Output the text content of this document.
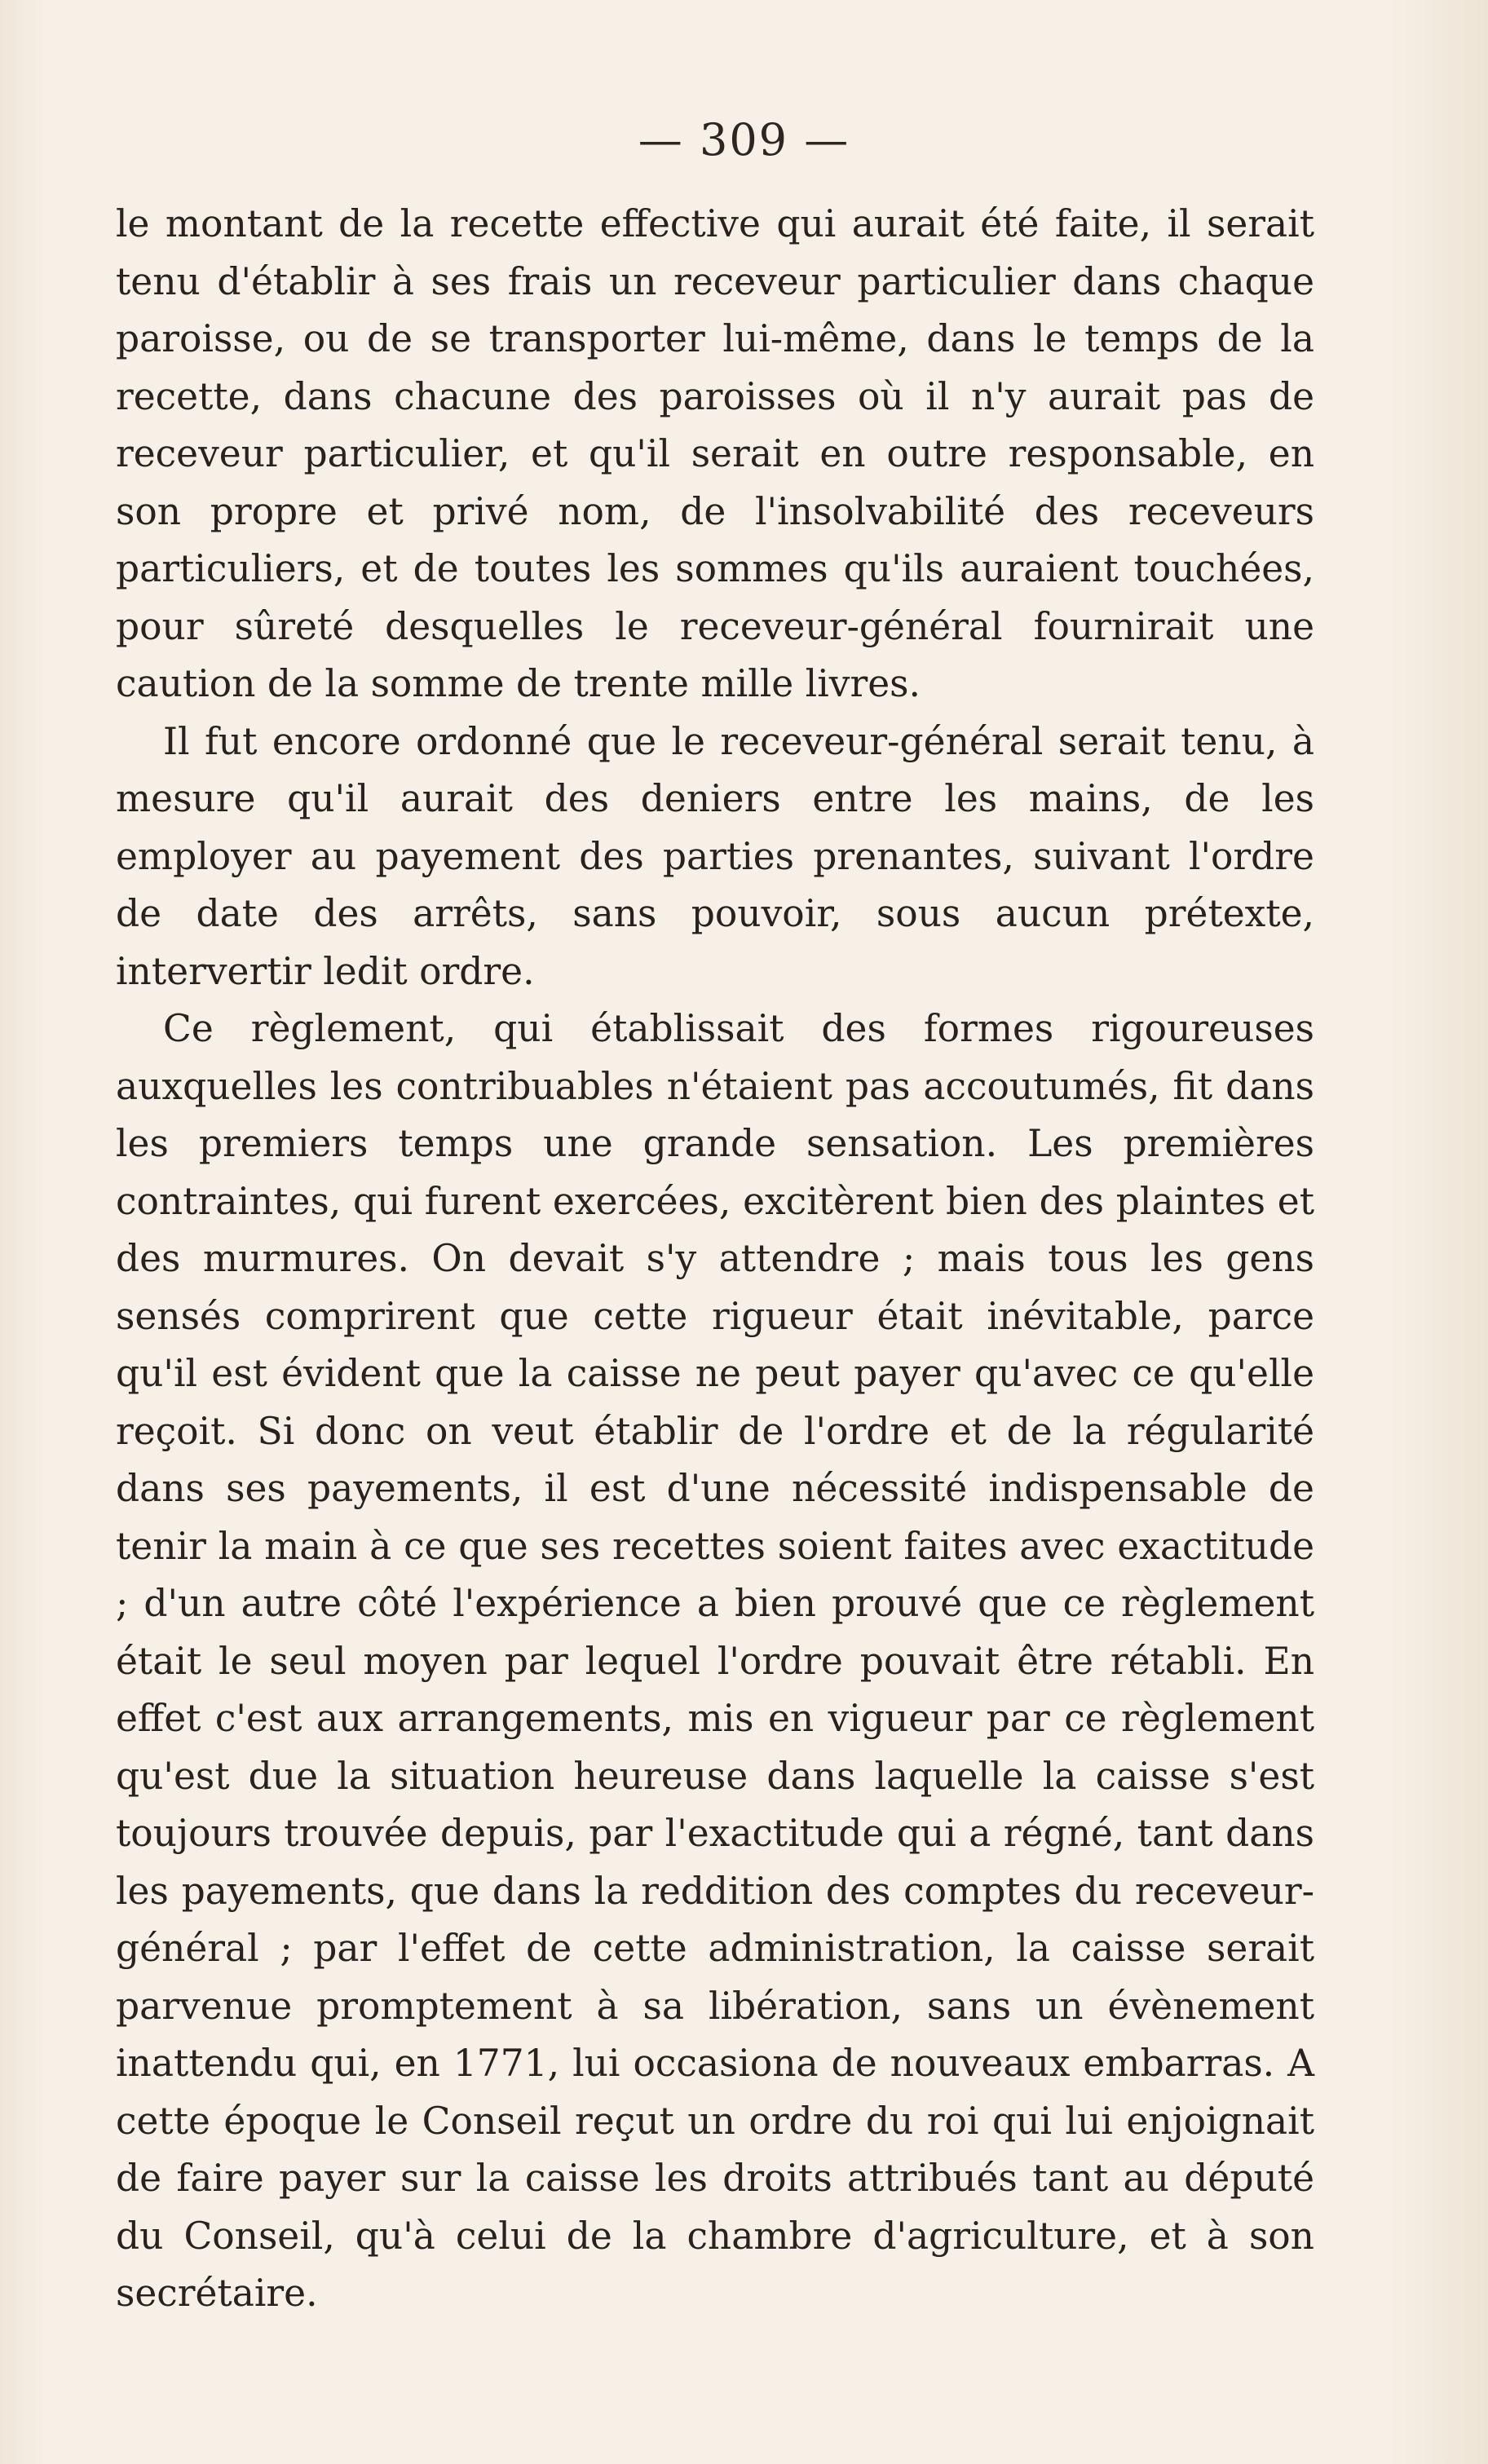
— 309 —

le montant de la recette effective qui aurait été faite, il serait tenu d'établir à ses frais un receveur particulier dans chaque paroisse, ou de se transporter lui-même, dans le temps de la recette, dans chacune des paroisses où il n'y aurait pas de receveur particulier, et qu'il serait en outre responsable, en son propre et privé nom, de l'insolvabilité des receveurs particuliers, et de toutes les sommes qu'ils auraient touchées, pour sûreté desquelles le receveur-général fournirait une caution de la somme de trente mille livres.

Il fut encore ordonné que le receveur-général serait tenu, à mesure qu'il aurait des deniers entre les mains, de les employer au payement des parties prenantes, suivant l'ordre de date des arrêts, sans pouvoir, sous aucun prétexte, intervertir ledit ordre.

Ce règlement, qui établissait des formes rigoureuses auxquelles les contribuables n'étaient pas accoutumés, fit dans les premiers temps une grande sensation. Les premières contraintes, qui furent exercées, excitèrent bien des plaintes et des murmures. On devait s'y attendre ; mais tous les gens sensés comprirent que cette rigueur était inévitable, parce qu'il est évident que la caisse ne peut payer qu'avec ce qu'elle reçoit. Si donc on veut établir de l'ordre et de la régularité dans ses payements, il est d'une nécessité indispensable de tenir la main à ce que ses recettes soient faites avec exactitude ; d'un autre côté l'expérience a bien prouvé que ce règlement était le seul moyen par lequel l'ordre pouvait être rétabli. En effet c'est aux arrangements, mis en vigueur par ce règlement qu'est due la situation heureuse dans laquelle la caisse s'est toujours trouvée depuis, par l'exactitude qui a régné, tant dans les payements, que dans la reddition des comptes du receveur-général ; par l'effet de cette administration, la caisse serait parvenue promptement à sa libération, sans un évènement inattendu qui, en 1771, lui occasiona de nouveaux embarras. A cette époque le Conseil reçut un ordre du roi qui lui enjoignait de faire payer sur la caisse les droits attribués tant au député du Conseil, qu'à celui de la chambre d'agriculture, et à son secrétaire.
